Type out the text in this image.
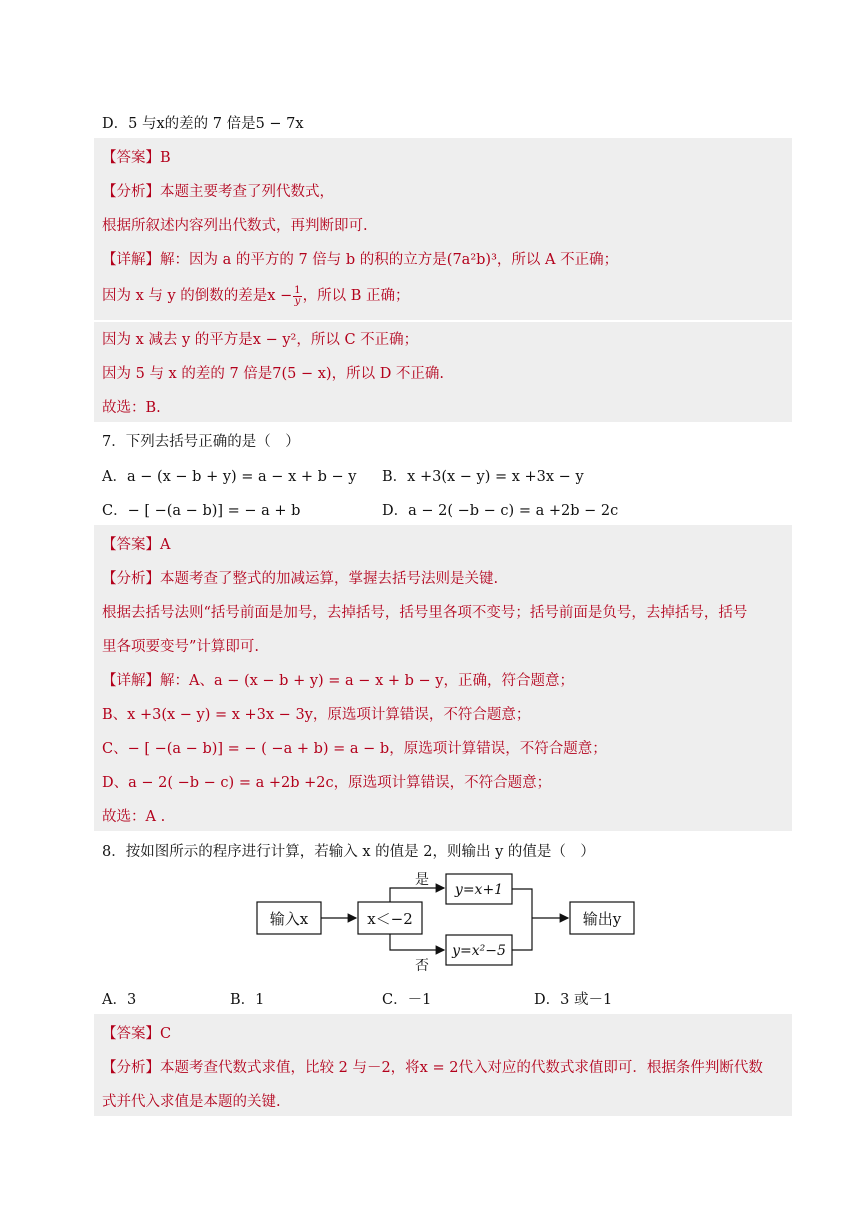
D．5 与x的差的 7 倍是5 − 7x
【答案】B
【分析】本题主要考查了列代数式，
根据所叙述内容列出代数式，再判断即可.
【详解】解：因为 a 的平方的 7 倍与 b 的积的立方是(7a²b)³，所以 A 不正确；
因为 x 与 y 的倒数的差是$x - \frac{1}{y}$ ，所以 B 正确；
因为 x 减去 y 的平方是x − y²，所以 C 不正确；
因为 5 与 x 的差的 7 倍是7(5 − x)，所以 D 不正确.
故选：B.
7．下列去括号正确的是（　）
A．a − (x − b + y) = a − x + b − y B．x +3(x − y) = x +3x − y
C．− [ −(a − b)] = − a + b	D．a − 2( −b − c) = a +2b − 2c
【答案】A
【分析】本题考查了整式的加减运算，掌握去括号法则是关键.
根据去括号法则“括号前面是加号，去掉括号，括号里各项不变号；括号前面是负号，去掉括号，括号
里各项要变号”计算即可.
【详解】解：A、a − (x − b + y) = a − x + b − y，正确，符合题意；
B、x +3(x − y) = x +3x − 3y，原选项计算错误，不符合题意；
C、− [ −(a − b)] = − ( −a + b) = a − b，原选项计算错误，不符合题意；
D、a − 2( −b − c) = a +2b +2c，原选项计算错误，不符合题意；
故选：A .
8．按如图所示的程序进行计算，若输入 x 的值是 2，则输出 y 的值是（　）
输入x	x＜−2
是
y=x+1
否
y=x²−5
输出y
A．3	B．1	C．－1	D．3 或－1
【答案】C
【分析】本题考查代数式求值，比较 2 与－2，将x = 2代入对应的代数式求值即可．根据条件判断代数
式并代入求值是本题的关键.
